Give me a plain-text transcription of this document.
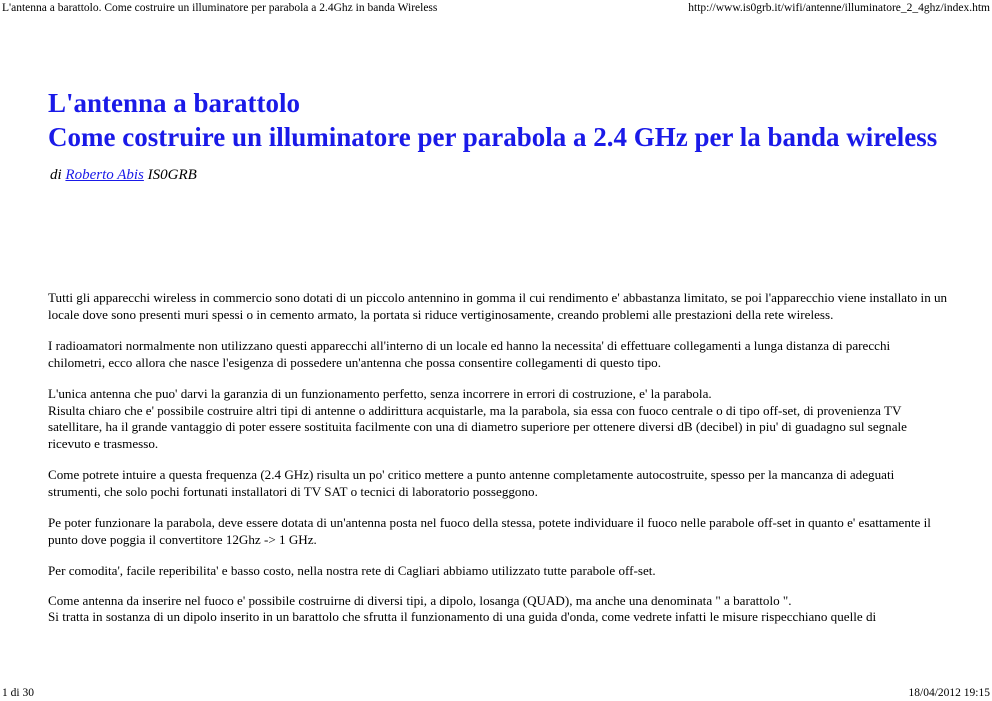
L'antenna a barattolo. Come costruire un illuminatore per parabola a 2.4Ghz in banda Wireless	http://www.is0grb.it/wifi/antenne/illuminatore_2_4ghz/index.htm
L'antenna a barattolo
Come costruire un illuminatore per parabola a 2.4 GHz per la banda wireless
di Roberto Abis IS0GRB

Tutti gli apparecchi wireless in commercio sono dotati di un piccolo antennino in gomma il cui rendimento e' abbastanza limitato, se poi l'apparecchio viene installato in un locale dove sono presenti muri spessi o in cemento armato, la portata si riduce vertiginosamente, creando problemi alle prestazioni della rete wireless.

I radioamatori normalmente non utilizzano questi apparecchi all'interno di un locale ed hanno la necessita' di effettuare collegamenti a lunga distanza di parecchi chilometri, ecco allora che nasce l'esigenza di possedere un'antenna che possa consentire collegamenti di questo tipo.

L'unica antenna che puo' darvi la garanzia di un funzionamento perfetto, senza incorrere in errori di costruzione, e' la parabola.
Risulta chiaro che e' possibile costruire altri tipi di antenne o addirittura acquistarle, ma la parabola, sia essa con fuoco centrale o di tipo off-set, di provenienza TV satellitare, ha il grande vantaggio di poter essere sostituita facilmente con una di diametro superiore per ottenere diversi dB (decibel) in piu' di guadagno sul segnale ricevuto e trasmesso.

Come potrete intuire a questa frequenza (2.4 GHz) risulta un po' critico mettere a punto antenne completamente autocostruite, spesso per la mancanza di adeguati strumenti, che solo pochi fortunati installatori di TV SAT o tecnici di laboratorio posseggono.

Pe poter funzionare la parabola, deve essere dotata di un'antenna posta nel fuoco della stessa, potete individuare il fuoco nelle parabole off-set in quanto e' esattamente il punto dove poggia il convertitore 12Ghz -> 1 GHz.

Per comodita', facile reperibilita' e basso costo, nella nostra rete di Cagliari abbiamo utilizzato tutte parabole off-set.

Come antenna da inserire nel fuoco e' possibile costruirne di diversi tipi, a dipolo, losanga (QUAD), ma anche una denominata " a barattolo ".
Si tratta in sostanza di un dipolo inserito in un barattolo che sfrutta il funzionamento di una guida d'onda, come vedrete infatti le misure rispecchiano quelle di

1 di 30	18/04/2012 19:15
